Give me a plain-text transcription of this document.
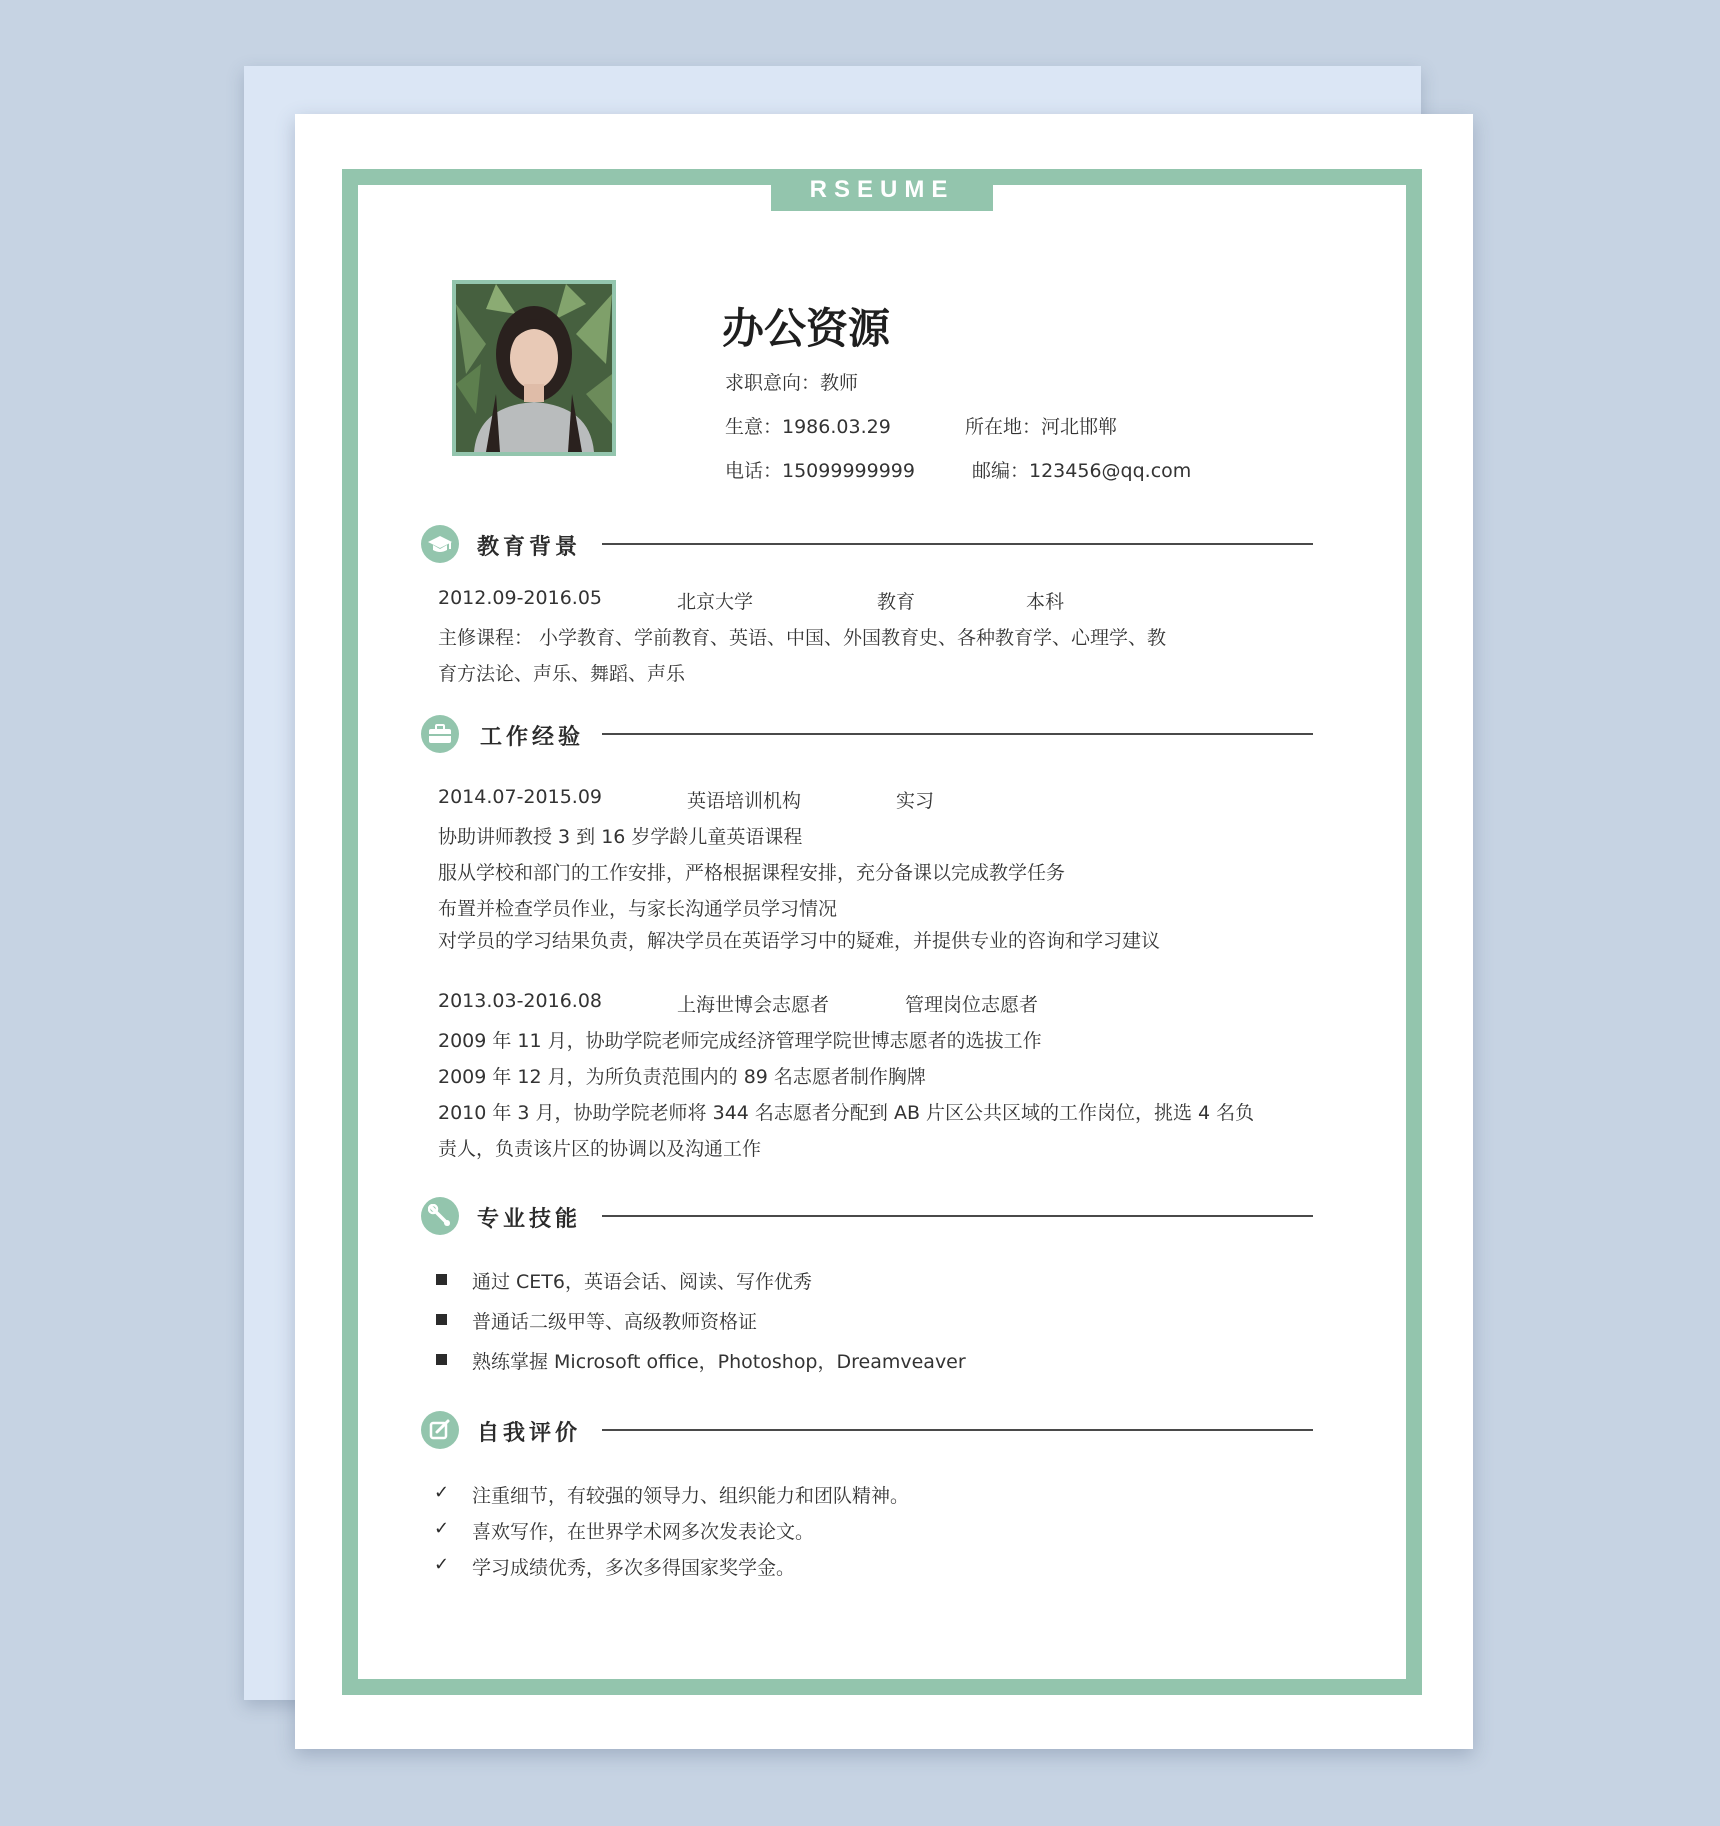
RSEUME
办公资源
求职意向：教师
生意：1986.03.29	所在地：河北邯郸
电话：15099999999	邮编：123456@qq.com
教育背景
2012.09-2016.05	北京大学	教育	本科
主修课程： 小学教育、学前教育、英语、中国、外国教育史、各种教育学、心理学、教
育方法论、声乐、舞蹈、声乐
工作经验
2014.07-2015.09	英语培训机构	实习
协助讲师教授 3 到 16 岁学龄儿童英语课程
服从学校和部门的工作安排，严格根据课程安排，充分备课以完成教学任务
布置并检查学员作业，与家长沟通学员学习情况
对学员的学习结果负责，解决学员在英语学习中的疑难，并提供专业的咨询和学习建议
2013.03-2016.08	上海世博会志愿者	管理岗位志愿者
2009 年 11 月，协助学院老师完成经济管理学院世博志愿者的选拔工作
2009 年 12 月，为所负责范围内的 89 名志愿者制作胸牌
2010 年 3 月，协助学院老师将 344 名志愿者分配到 AB 片区公共区域的工作岗位，挑选 4 名负
责人，负责该片区的协调以及沟通工作
专业技能
通过 CET6，英语会话、阅读、写作优秀
普通话二级甲等、高级教师资格证
熟练掌握 Microsoft office，Photoshop，Dreamveaver
自我评价
✓ 注重细节，有较强的领导力、组织能力和团队精神。
✓ 喜欢写作，在世界学术网多次发表论文。
✓ 学习成绩优秀，多次多得国家奖学金。
